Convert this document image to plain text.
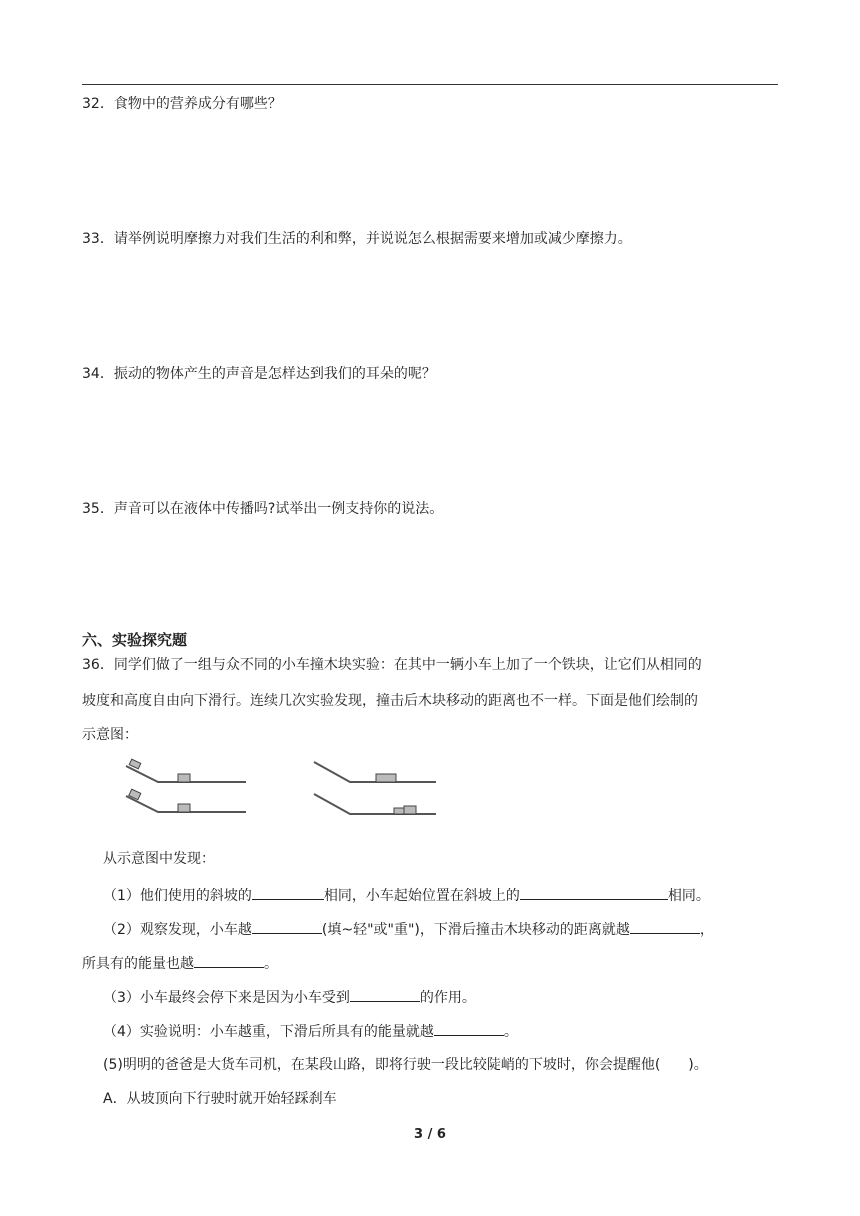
32．食物中的营养成分有哪些？
33．请举例说明摩擦力对我们生活的利和弊，并说说怎么根据需要来增加或减少摩擦力。
34．振动的物体产生的声音是怎样达到我们的耳朵的呢？
35．声音可以在液体中传播吗?试举出一例支持你的说法。
六、实验探究题
36．同学们做了一组与众不同的小车撞木块实验：在其中一辆小车上加了一个铁块，让它们从相同的
坡度和高度自由向下滑行。连续几次实验发现，撞击后木块移动的距离也不一样。下面是他们绘制的
示意图：
从示意图中发现：
（1）他们使用的斜坡的	相同，小车起始位置在斜坡上的	相同。
（2）观察发现，小车越	(填~轻"或"重")，下滑后撞击木块移动的距离就越	，
所具有的能量也越	。
（3）小车最终会停下来是因为小车受到	的作用。
（4）实验说明：小车越重，下滑后所具有的能量就越	。
(5)明明的爸爸是大货车司机，在某段山路，即将行驶一段比较陡峭的下坡时，你会提醒他(　　)。
A．从坡顶向下行驶时就开始轻踩刹车
3 / 6
